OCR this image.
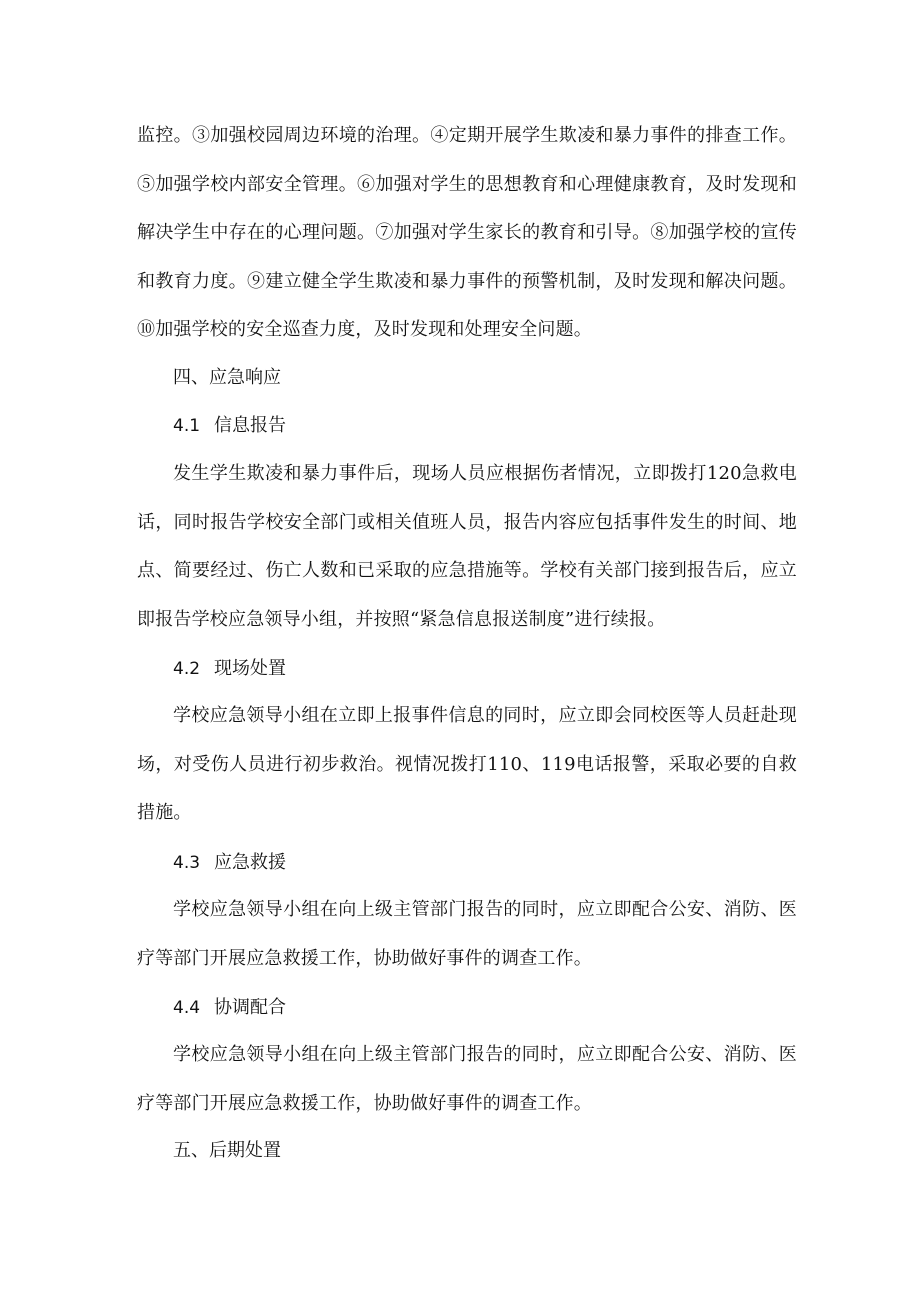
监控。③加强校园周边环境的治理。④定期开展学生欺凌和暴力事件的排查工作。⑤加强学校内部安全管理。⑥加强对学生的思想教育和心理健康教育，及时发现和解决学生中存在的心理问题。⑦加强对学生家长的教育和引导。⑧加强学校的宣传和教育力度。⑨建立健全学生欺凌和暴力事件的预警机制，及时发现和解决问题。⑩加强学校的安全巡查力度，及时发现和处理安全问题。

四、应急响应

4.1 信息报告

发生学生欺凌和暴力事件后，现场人员应根据伤者情况，立即拨打120急救电话，同时报告学校安全部门或相关值班人员，报告内容应包括事件发生的时间、地点、简要经过、伤亡人数和已采取的应急措施等。学校有关部门接到报告后，应立即报告学校应急领导小组，并按照“紧急信息报送制度”进行续报。

4.2 现场处置

学校应急领导小组在立即上报事件信息的同时，应立即会同校医等人员赶赴现场，对受伤人员进行初步救治。视情况拨打110、119电话报警，采取必要的自救措施。

4.3 应急救援

学校应急领导小组在向上级主管部门报告的同时，应立即配合公安、消防、医疗等部门开展应急救援工作，协助做好事件的调查工作。

4.4 协调配合

学校应急领导小组在向上级主管部门报告的同时，应立即配合公安、消防、医疗等部门开展应急救援工作，协助做好事件的调查工作。

五、后期处置
